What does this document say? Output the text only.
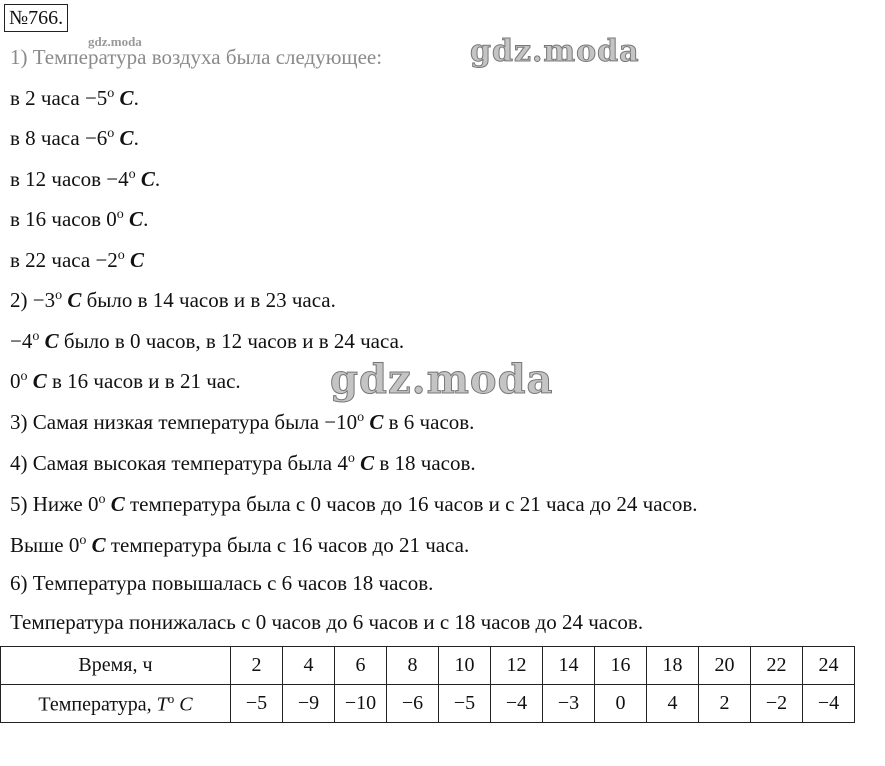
№766.
gdz.moda
1) Температура воздуха была следующее:	gdz.moda
в 2 часа $-5^о$ C.
в 8 часа $-6^о$ C.
в 12 часов $-4^о$ C.
в 16 часов $0^о$ C.
в 22 часа $-2^о$ C
$2) -3^о$ C было в 14 часов и в 23 часа.
$-4^о$ C было в 0 часов, в 12 часов и в 24 часа.
$0^о$ C в 16 часов и в 21 час. gdz.moda
3) Самая низкая температура была $-10^о$ C в 6 часов.
4) Самая высокая температура была $4^о$ C в 18 часов.
5) Ниже $0^о$ C температура была с 0 часов до 16 часов и с 21 часа до 24 часов.
Выше $0^о$ C температура была с 16 часов до 21 часа.
6) Температура повышалась с 6 часов 18 часов.
Температура понижалась с 0 часов до 6 часов и с 18 часов до 24 часов.
Время, ч	2	4	6	8	10	12	14	16	18	20	22	24
Температура, $T^о$ C	−5	−9	−10	−6	−5	−4	−3	0	4	2	−2	−4
